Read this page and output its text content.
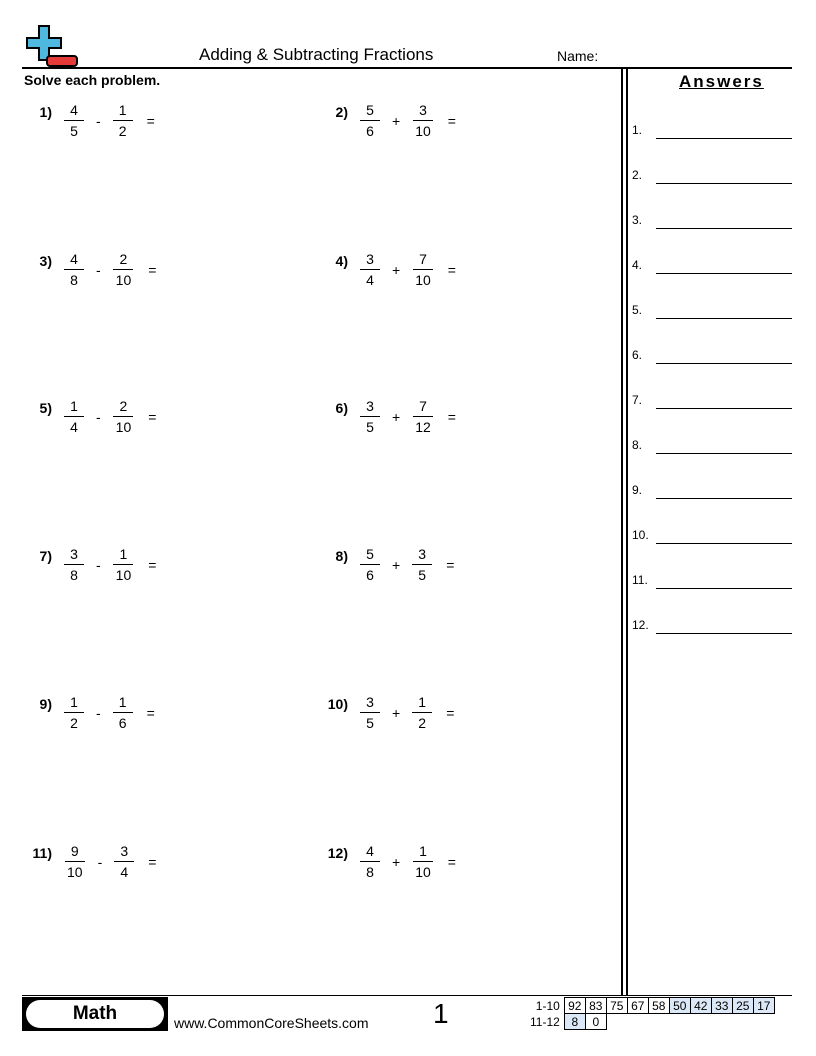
Adding & Subtracting Fractions	Name:
Solve each problem.
$1) \frac{4}{5} - \frac{1}{2}$ =
$2) \frac{5}{6} + \frac{3}{10}$ =
$3) \frac{4}{8} - \frac{2}{10}$ =
$4) \frac{3}{4} + \frac{7}{10}$ =
$5) \frac{1}{4} - \frac{2}{10}$ =
$6) \frac{3}{5} + \frac{7}{12}$ =
$7) \frac{3}{8} - \frac{1}{10}$ =
$8) \frac{5}{6} + \frac{3}{5}$ =
$9) \frac{1}{2} - \frac{1}{6}$ =
$10) \frac{3}{5} + \frac{1}{2}$ =
$11) \frac{9}{10} - \frac{3}{4}$ =
$12) \frac{4}{8} + \frac{1}{10}$ =
Answers
1.
2.
3.
4.
5.
6.
7.
8.
9.
10.
11.
12.
Math	www.CommonCoreSheets.com 1	1-10	92	83	75	67	58	50	42	33	25	17
11-12	8	0								
